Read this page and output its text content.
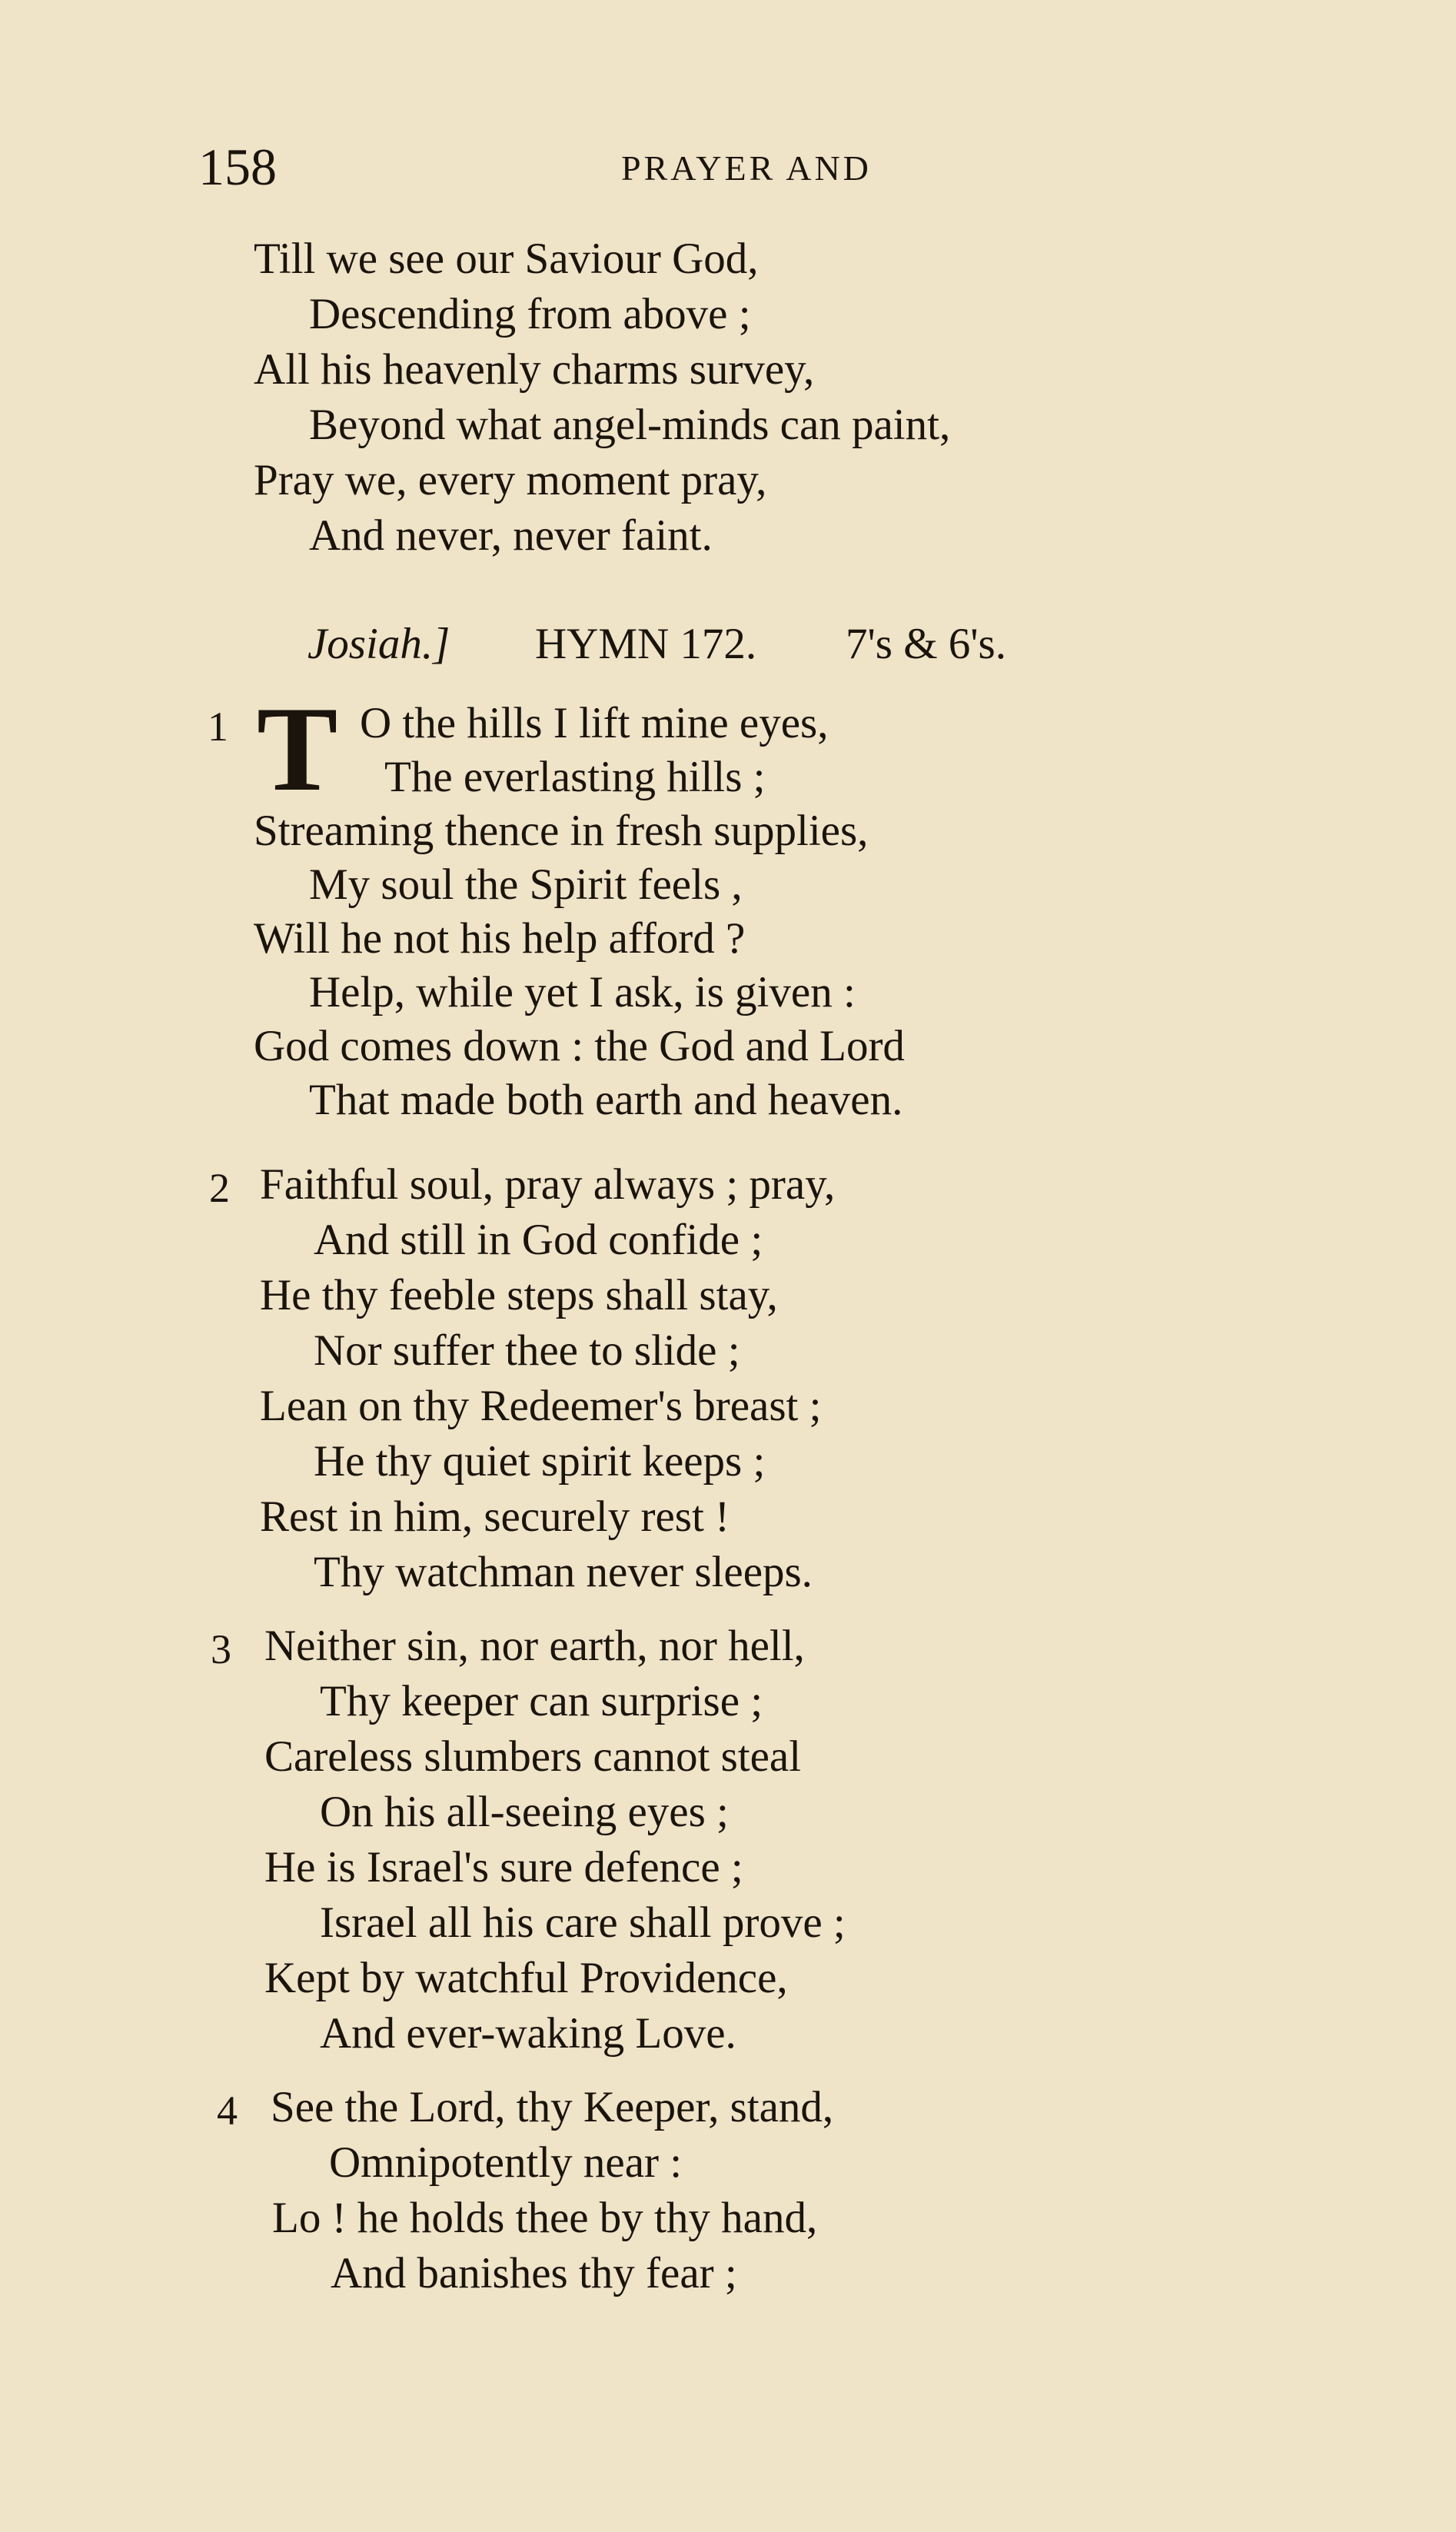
158	PRAYER AND
Till we see our Saviour God,
Descending from above ;
All his heavenly charms survey,
Beyond what angel-minds can paint,
Pray we, every moment pray,
And never, never faint.
Josiah.] HYMN 172. 7's & 6's.
1 T O the hills I lift mine eyes,
The everlasting hills ;
Streaming thence in fresh supplies,
My soul the Spirit feels ,
Will he not his help afford ?
Help, while yet I ask, is given :
God comes down : the God and Lord
That made both earth and heaven.
2 Faithful soul, pray always ; pray,
And still in God confide ;
He thy feeble steps shall stay,
Nor suffer thee to slide ;
Lean on thy Redeemer's breast ;
He thy quiet spirit keeps ;
Rest in him, securely rest !
Thy watchman never sleeps.
3 Neither sin, nor earth, nor hell,
Thy keeper can surprise ;
Careless slumbers cannot steal
On his all-seeing eyes ;
He is Israel's sure defence ;
Israel all his care shall prove ;
Kept by watchful Providence,
And ever-waking Love.
4 See the Lord, thy Keeper, stand,
Omnipotently near :
Lo ! he holds thee by thy hand,
And banishes thy fear ;
